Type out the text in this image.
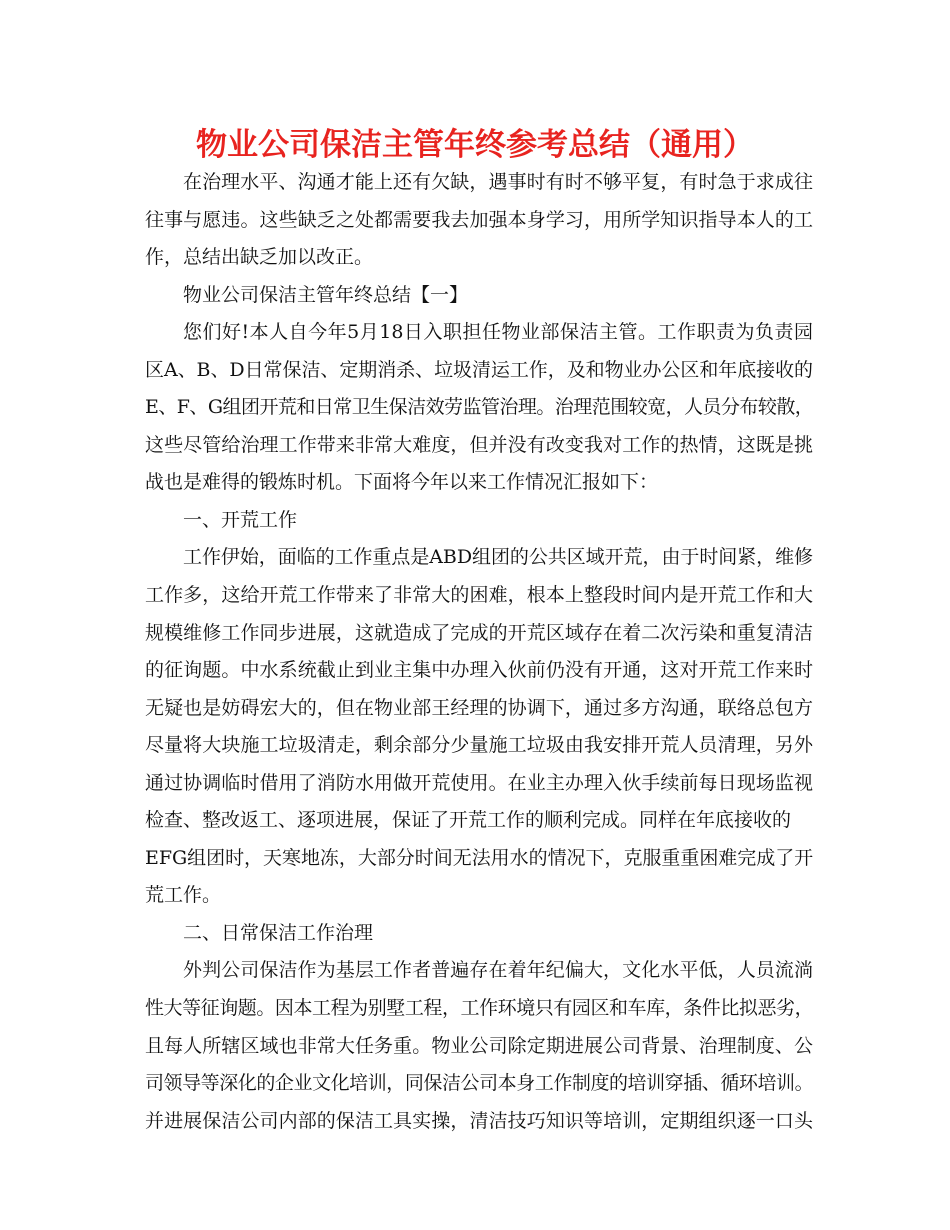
物业公司保洁主管年终参考总结（通用）
在治理水平、沟通才能上还有欠缺，遇事时有时不够平复，有时急于求成往
往事与愿违。这些缺乏之处都需要我去加强本身学习，用所学知识指导本人的工
作，总结出缺乏加以改正。
物业公司保洁主管年终总结【一】
您们好!本人自今年5月18日入职担任物业部保洁主管。工作职责为负责园
区A、B、D日常保洁、定期消杀、垃圾清运工作，及和物业办公区和年底接收的
E、F、G组团开荒和日常卫生保洁效劳监管治理。治理范围较宽，人员分布较散，
这些尽管给治理工作带来非常大难度，但并没有改变我对工作的热情，这既是挑
战也是难得的锻炼时机。下面将今年以来工作情况汇报如下：
一、开荒工作
工作伊始，面临的工作重点是ABD组团的公共区域开荒，由于时间紧，维修
工作多，这给开荒工作带来了非常大的困难，根本上整段时间内是开荒工作和大
规模维修工作同步进展，这就造成了完成的开荒区域存在着二次污染和重复清洁
的征询题。中水系统截止到业主集中办理入伙前仍没有开通，这对开荒工作来时
无疑也是妨碍宏大的，但在物业部王经理的协调下，通过多方沟通，联络总包方
尽量将大块施工垃圾清走，剩余部分少量施工垃圾由我安排开荒人员清理，另外
通过协调临时借用了消防水用做开荒使用。在业主办理入伙手续前每日现场监视
检查、整改返工、逐项进展，保证了开荒工作的顺利完成。同样在年底接收的
EFG组团时，天寒地冻，大部分时间无法用水的情况下，克服重重困难完成了开
荒工作。
二、日常保洁工作治理
外判公司保洁作为基层工作者普遍存在着年纪偏大，文化水平低，人员流淌
性大等征询题。因本工程为别墅工程，工作环境只有园区和车库，条件比拟恶劣，
且每人所辖区域也非常大任务重。物业公司除定期进展公司背景、治理制度、公
司领导等深化的企业文化培训，同保洁公司本身工作制度的培训穿插、循环培训。
并进展保洁公司内部的保洁工具实操，清洁技巧知识等培训，定期组织逐一口头
